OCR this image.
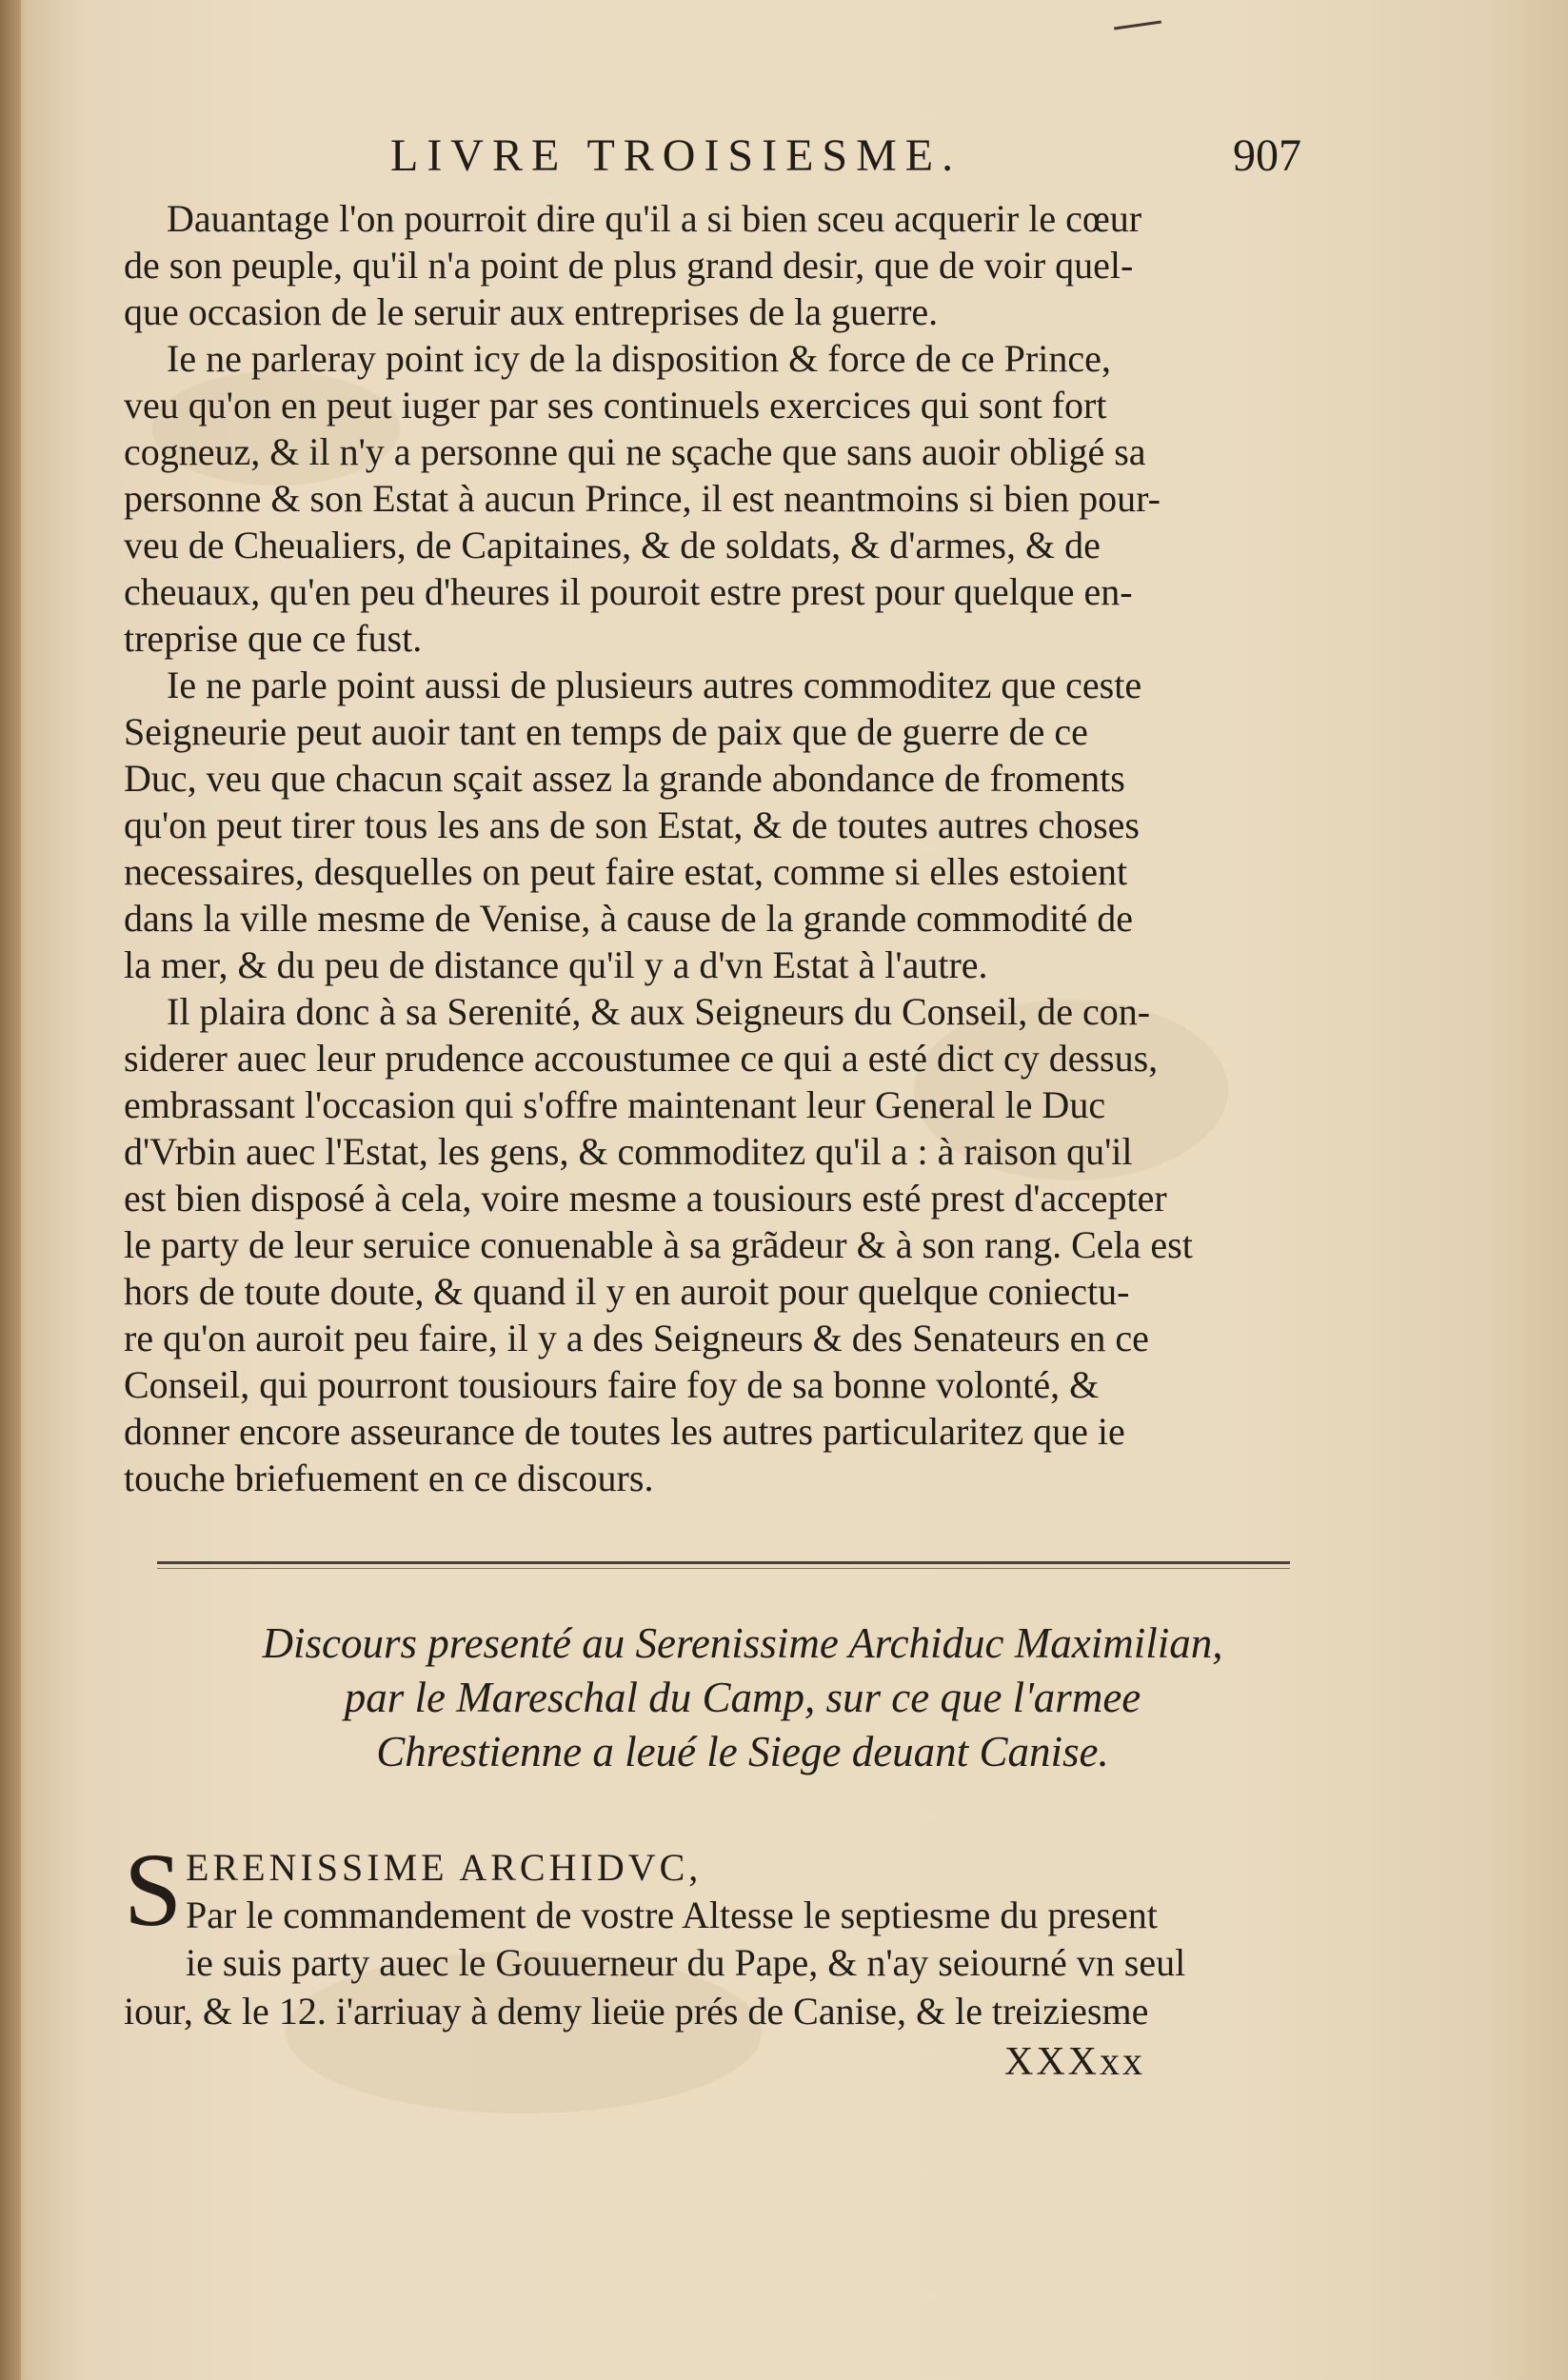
LIVRE TROISIESME.	907
Dauantage l'on pourroit dire qu'il a si bien sceu acquerir le cœur
de son peuple, qu'il n'a point de plus grand desir, que de voir quel-
que occasion de le seruir aux entreprises de la guerre.
Ie ne parleray point icy de la disposition & force de ce Prince,
veu qu'on en peut iuger par ses continuels exercices qui sont fort
cogneuz, & il n'y a personne qui ne sçache que sans auoir obligé sa
personne & son Estat à aucun Prince, il est neantmoins si bien pour-
veu de Cheualiers, de Capitaines, & de soldats, & d'armes, & de
cheuaux, qu'en peu d'heures il pouroit estre prest pour quelque en-
treprise que ce fust.
Ie ne parle point aussi de plusieurs autres commoditez que ceste
Seigneurie peut auoir tant en temps de paix que de guerre de ce
Duc, veu que chacun sçait assez la grande abondance de froments
qu'on peut tirer tous les ans de son Estat, & de toutes autres choses
necessaires, desquelles on peut faire estat, comme si elles estoient
dans la ville mesme de Venise, à cause de la grande commodité de
la mer, & du peu de distance qu'il y a d'vn Estat à l'autre.
Il plaira donc à sa Serenité, & aux Seigneurs du Conseil, de con-
siderer auec leur prudence accoustumee ce qui a esté dict cy dessus,
embrassant l'occasion qui s'offre maintenant leur General le Duc
d'Vrbin auec l'Estat, les gens, & commoditez qu'il a : à raison qu'il
est bien disposé à cela, voire mesme a tousiours esté prest d'accepter
le party de leur seruice conuenable à sa grãdeur & à son rang. Cela est
hors de toute doute, & quand il y en auroit pour quelque coniectu-
re qu'on auroit peu faire, il y a des Seigneurs & des Senateurs en ce
Conseil, qui pourront tousiours faire foy de sa bonne volonté, &
donner encore asseurance de toutes les autres particularitez que ie
touche briefuement en ce discours.
Discours presenté au Serenissime Archiduc Maximilian,
par le Mareschal du Camp, sur ce que l'armee
Chrestienne a leué le Siege deuant Canise.
S ERENISSIME ARCHIDVC,
Par le commandement de vostre Altesse le septiesme du present
ie suis party auec le Gouuerneur du Pape, & n'ay seiourné vn seul
iour, & le 12. i'arriuay à demy lieüe prés de Canise, & le treiziesme
XXXxx
